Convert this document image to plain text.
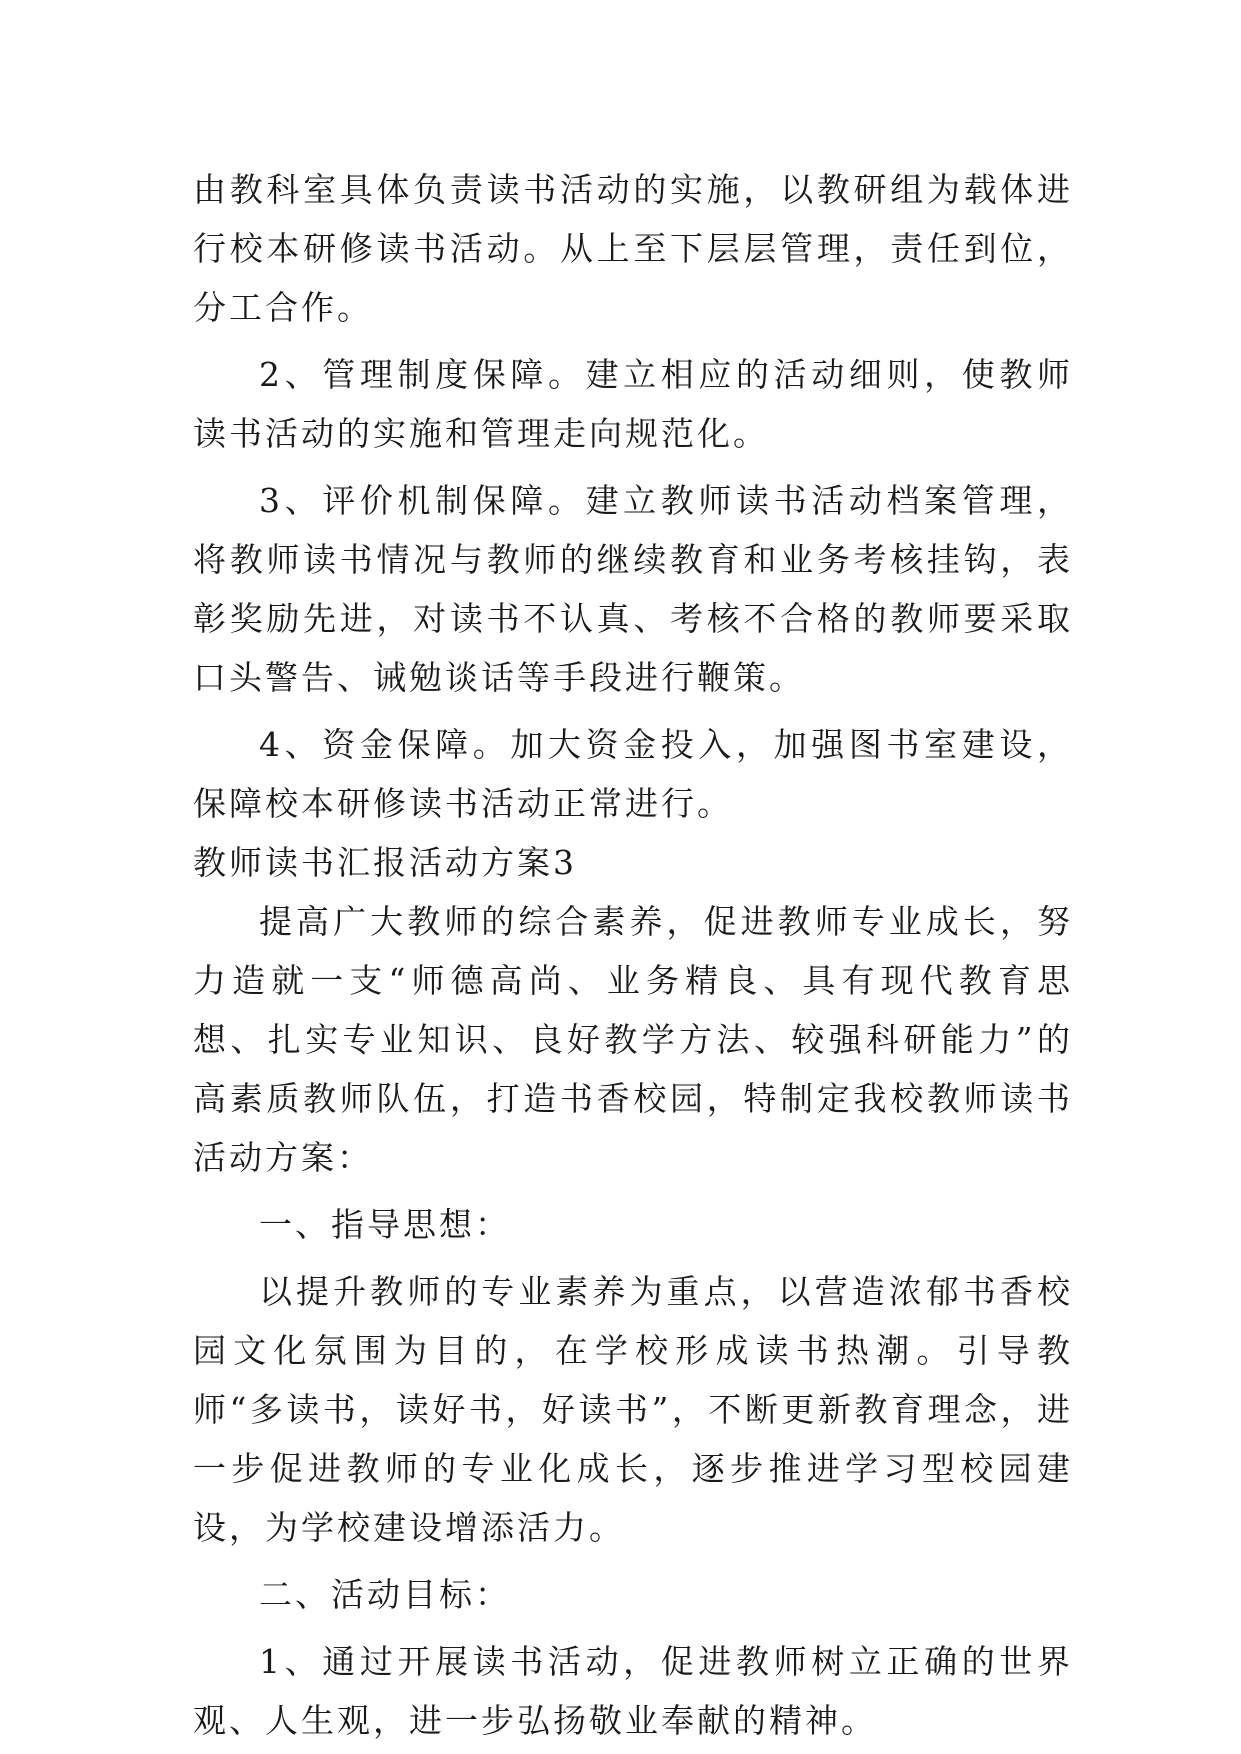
由教科室具体负责读书活动的实施，以教研组为载体进行校本研修读书活动。从上至下层层管理，责任到位，分工合作。

2、管理制度保障。建立相应的活动细则，使教师读书活动的实施和管理走向规范化。

3、评价机制保障。建立教师读书活动档案管理，将教师读书情况与教师的继续教育和业务考核挂钩，表彰奖励先进，对读书不认真、考核不合格的教师要采取口头警告、诫勉谈话等手段进行鞭策。

4、资金保障。加大资金投入，加强图书室建设，保障校本研修读书活动正常进行。

教师读书汇报活动方案3

提高广大教师的综合素养，促进教师专业成长，努力造就一支“师德高尚、业务精良、具有现代教育思想、扎实专业知识、良好教学方法、较强科研能力”的高素质教师队伍，打造书香校园，特制定我校教师读书活动方案：

一、指导思想：

以提升教师的专业素养为重点，以营造浓郁书香校园文化氛围为目的，在学校形成读书热潮。引导教师“多读书，读好书，好读书”，不断更新教育理念，进一步促进教师的专业化成长，逐步推进学习型校园建设，为学校建设增添活力。

二、活动目标：

1、通过开展读书活动，促进教师树立正确的世界观、人生观，进一步弘扬敬业奉献的精神。
